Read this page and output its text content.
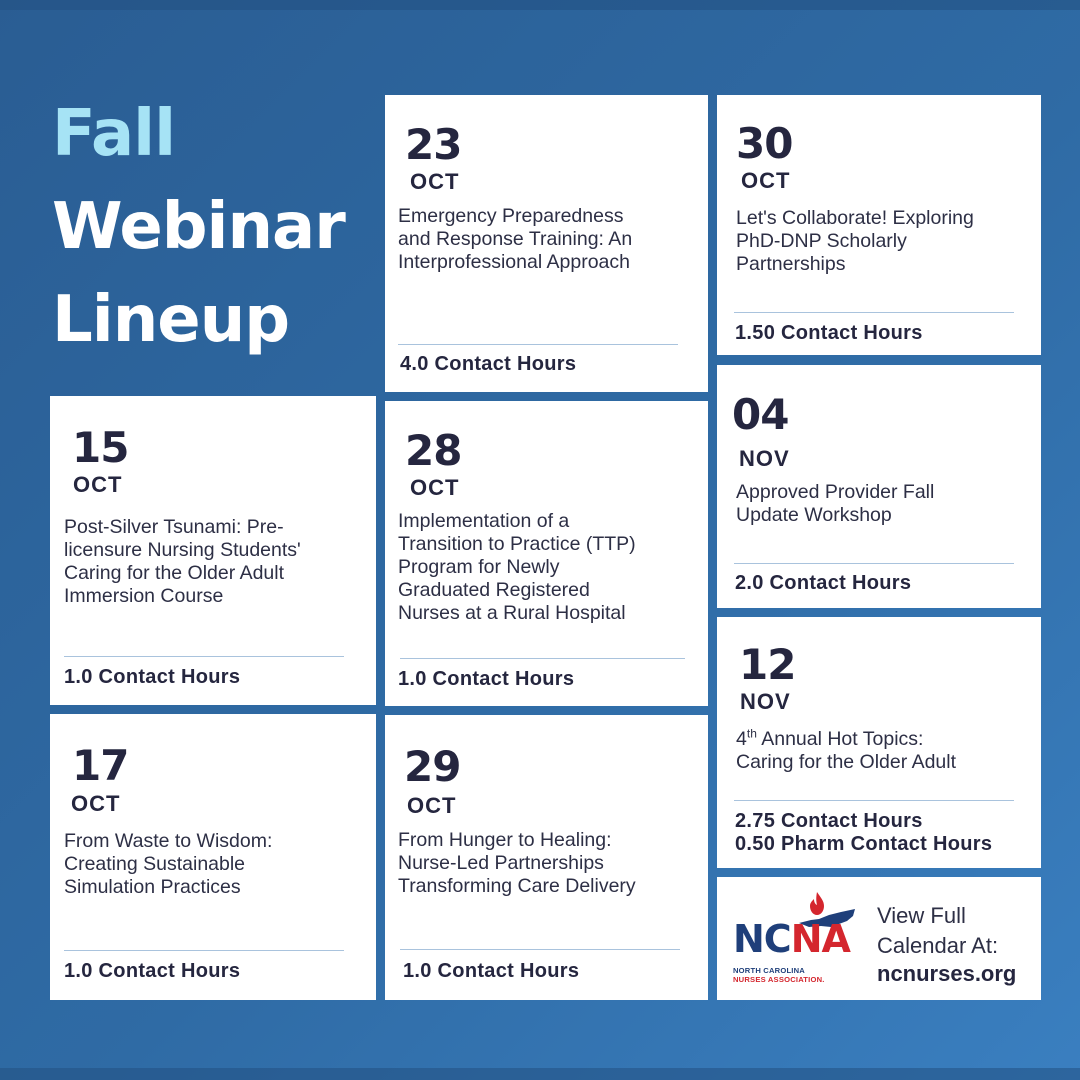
Fall
Webinar
Lineup
23
OCT
Emergency Preparedness
and Response Training: An
Interprofessional Approach
4.0 Contact Hours
30
OCT
Let's Collaborate! Exploring
PhD-DNP Scholarly
Partnerships
1.50 Contact Hours
15
OCT
Post-Silver Tsunami: Pre-
licensure Nursing Students'
Caring for the Older Adult
Immersion Course
1.0 Contact Hours
28
OCT
Implementation of a
Transition to Practice (TTP)
Program for Newly
Graduated Registered
Nurses at a Rural Hospital
1.0 Contact Hours
04
NOV
Approved Provider Fall
Update Workshop
2.0 Contact Hours
12
NOV
4th Annual Hot Topics:
Caring for the Older Adult
2.75 Contact Hours
0.50 Pharm Contact Hours
17
OCT
From Waste to Wisdom:
Creating Sustainable
Simulation Practices
1.0 Contact Hours
29
OCT
From Hunger to Healing:
Nurse-Led Partnerships
Transforming Care Delivery
1.0 Contact Hours
NCNA
NORTH CAROLINA
NURSES ASSOCIATION.
View Full
Calendar At:
ncnurses.org
